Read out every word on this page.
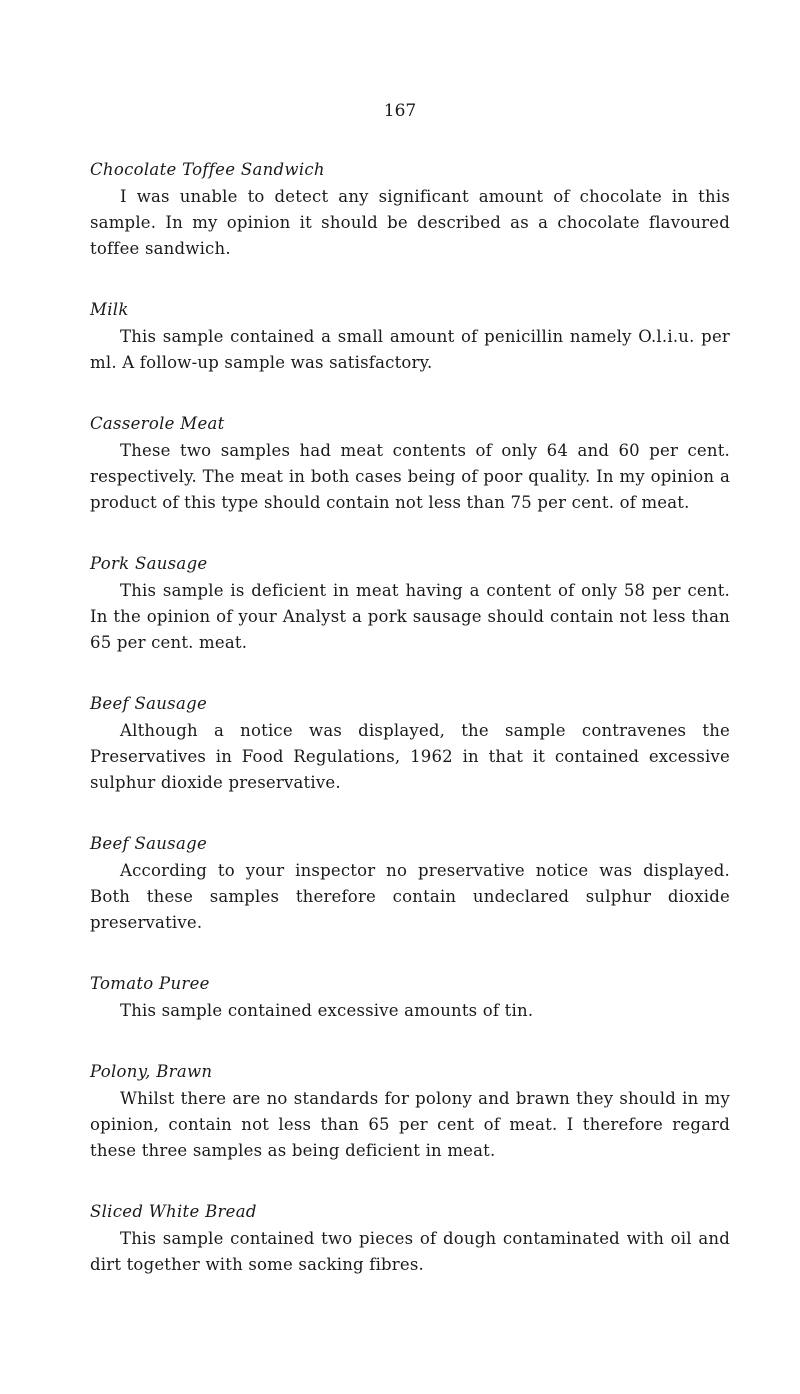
167

Chocolate Toffee Sandwich

I was unable to detect any significant amount of chocolate in this sample. In my opinion it should be described as a chocolate flavoured toffee sandwich.

Milk

This sample contained a small amount of penicillin namely O.l.i.u. per ml. A follow-up sample was satisfactory.

Casserole Meat

These two samples had meat contents of only 64 and 60 per cent. respectively. The meat in both cases being of poor quality. In my opinion a product of this type should contain not less than 75 per cent. of meat.

Pork Sausage

This sample is deficient in meat having a content of only 58 per cent. In the opinion of your Analyst a pork sausage should contain not less than 65 per cent. meat.

Beef Sausage

Although a notice was displayed, the sample contravenes the Preservatives in Food Regulations, 1962 in that it contained excessive sulphur dioxide preservative.

Beef Sausage

According to your inspector no preservative notice was displayed. Both these samples therefore contain undeclared sulphur dioxide preservative.

Tomato Puree

This sample contained excessive amounts of tin.

Polony, Brawn

Whilst there are no standards for polony and brawn they should in my opinion, contain not less than 65 per cent of meat. I therefore regard these three samples as being deficient in meat.

Sliced White Bread

This sample contained two pieces of dough contaminated with oil and dirt together with some sacking fibres.
